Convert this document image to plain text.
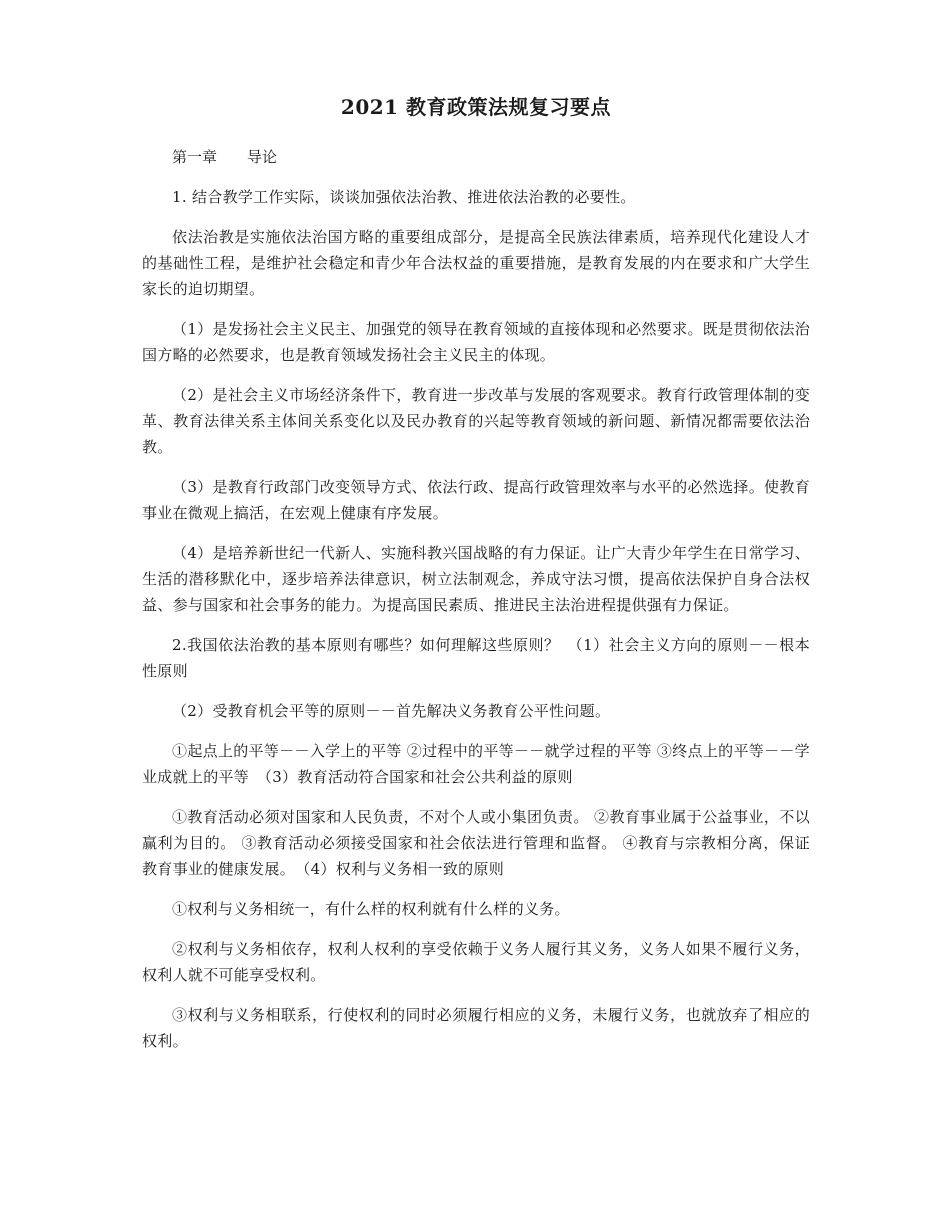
2021 教育政策法规复习要点
第一章 导论

1. 结合教学工作实际，谈谈加强依法治教、推进依法治教的必要性。

依法治教是实施依法治国方略的重要组成部分，是提高全民族法律素质，培养现代化建设人才的基础性工程，是维护社会稳定和青少年合法权益的重要措施，是教育发展的内在要求和广大学生家长的迫切期望。

（1）是发扬社会主义民主、加强党的领导在教育领域的直接体现和必然要求。既是贯彻依法治国方略的必然要求，也是教育领域发扬社会主义民主的体现。

（2）是社会主义市场经济条件下，教育进一步改革与发展的客观要求。教育行政管理体制的变革、教育法律关系主体间关系变化以及民办教育的兴起等教育领域的新问题、新情况都需要依法治教。

（3）是教育行政部门改变领导方式、依法行政、提高行政管理效率与水平的必然选择。使教育事业在微观上搞活，在宏观上健康有序发展。

（4）是培养新世纪一代新人、实施科教兴国战略的有力保证。让广大青少年学生在日常学习、生活的潜移默化中，逐步培养法律意识，树立法制观念，养成守法习惯，提高依法保护自身合法权益、参与国家和社会事务的能力。为提高国民素质、推进民主法治进程提供强有力保证。

2.我国依法治教的基本原则有哪些？如何理解这些原则？　（1）社会主义方向的原则－－根本性原则

（2）受教育机会平等的原则－－首先解决义务教育公平性问题。

①起点上的平等－－入学上的平等 ②过程中的平等－－就学过程的平等 ③终点上的平等－－学业成就上的平等　（3）教育活动符合国家和社会公共利益的原则

①教育活动必须对国家和人民负责，不对个人或小集团负责。 ②教育事业属于公益事业，不以赢利为目的。 ③教育活动必须接受国家和社会依法进行管理和监督。 ④教育与宗教相分离，保证教育事业的健康发展。　（4）权利与义务相一致的原则

①权利与义务相统一，有什么样的权利就有什么样的义务。

②权利与义务相依存，权利人权利的享受依赖于义务人履行其义务，义务人如果不履行义务，权利人就不可能享受权利。

③权利与义务相联系，行使权利的同时必须履行相应的义务，未履行义务，也就放弃了相应的权利。
